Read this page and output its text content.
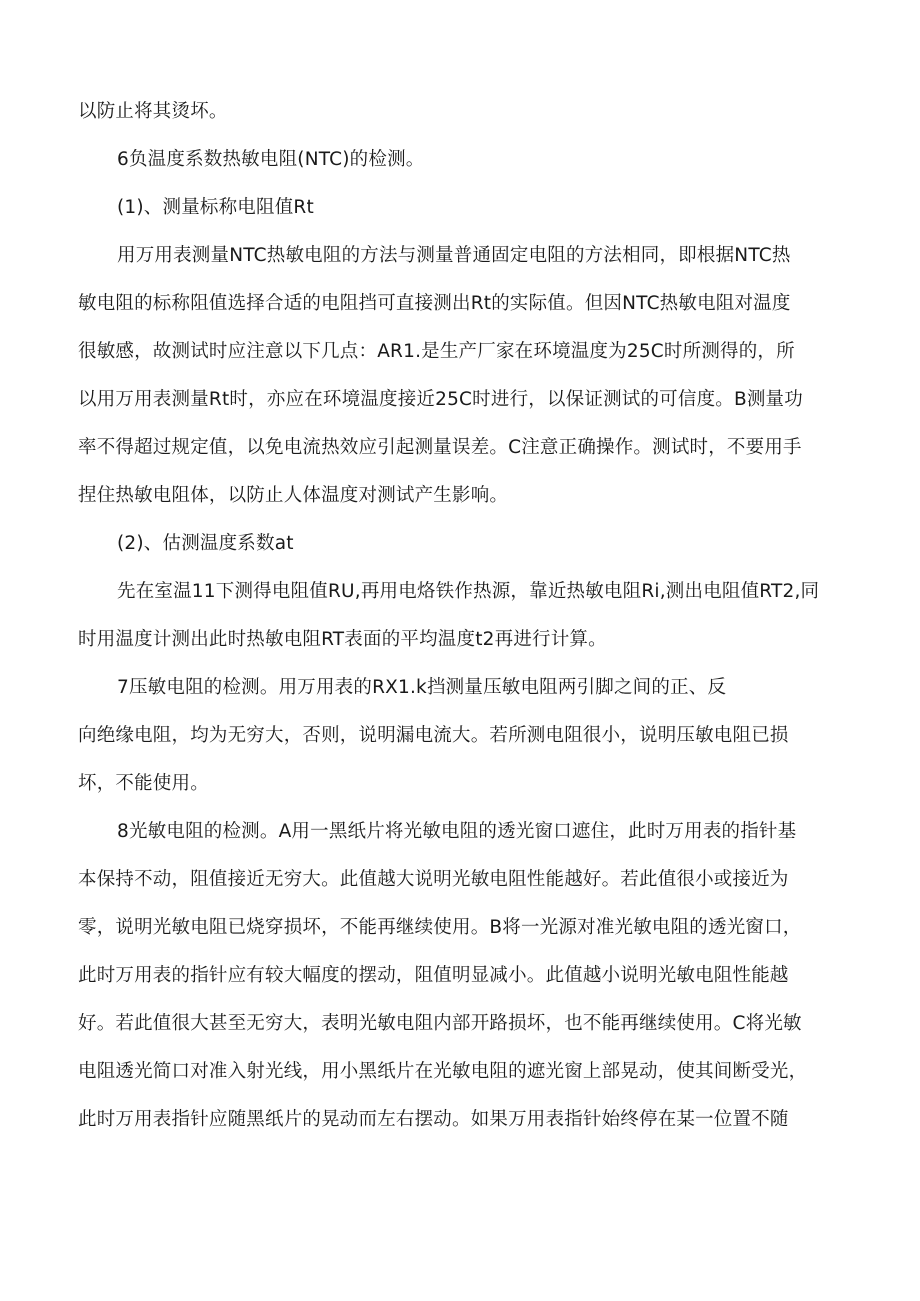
以防止将其烫坏。
6负温度系数热敏电阻(NTC)的检测。
(1)、测量标称电阻值Rt
用万用表测量NTC热敏电阻的方法与测量普通固定电阻的方法相同，即根据NTC热
敏电阻的标称阻值选择合适的电阻挡可直接测出Rt的实际值。但因NTC热敏电阻对温度
很敏感，故测试时应注意以下几点：AR1.是生产厂家在环境温度为25C时所测得的，所
以用万用表测量Rt时，亦应在环境温度接近25C时进行，以保证测试的可信度。B测量功
率不得超过规定值，以免电流热效应引起测量误差。C注意正确操作。测试时，不要用手
捏住热敏电阻体，以防止人体温度对测试产生影响。
(2)、估测温度系数at
先在室温11下测得电阻值RU,再用电烙铁作热源，靠近热敏电阻Ri,测出电阻值RT2,同
时用温度计测出此时热敏电阻RT表面的平均温度t2再进行计算。
7压敏电阻的检测。用万用表的RX1.k挡测量压敏电阻两引脚之间的正、反
向绝缘电阻，均为无穷大，否则，说明漏电流大。若所测电阻很小，说明压敏电阻已损
坏，不能使用。
8光敏电阻的检测。A用一黑纸片将光敏电阻的透光窗口遮住，此时万用表的指针基
本保持不动，阻值接近无穷大。此值越大说明光敏电阻性能越好。若此值很小或接近为
零，说明光敏电阻已烧穿损坏，不能再继续使用。B将一光源对准光敏电阻的透光窗口，
此时万用表的指针应有较大幅度的摆动，阻值明显减小。此值越小说明光敏电阻性能越
好。若此值很大甚至无穷大，表明光敏电阻内部开路损坏，也不能再继续使用。C将光敏
电阻透光简口对准入射光线，用小黑纸片在光敏电阻的遮光窗上部晃动，使其间断受光，
此时万用表指针应随黑纸片的晃动而左右摆动。如果万用表指针始终停在某一位置不随
